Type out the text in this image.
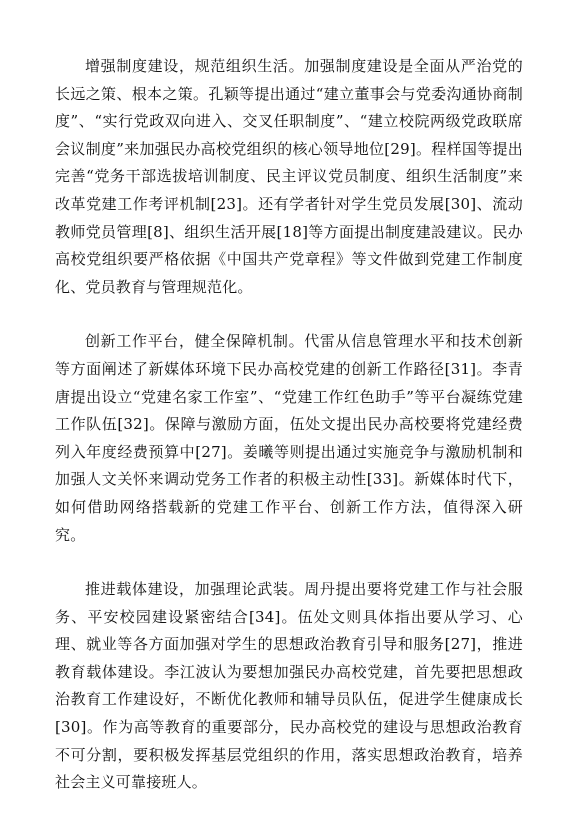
增强制度建设，规范组织生活。加强制度建设是全面从严治党的长远之策、根本之策。孔颖等提出通过“建立董事会与党委沟通协商制度”、“实行党政双向进入、交叉任职制度”、“建立校院两级党政联席会议制度”来加强民办高校党组织的核心领导地位[29]。程样国等提出完善“党务干部选拔培训制度、民主评议党员制度、组织生活制度”来改革党建工作考评机制[23]。还有学者针对学生党员发展[30]、流动教师党员管理[8]、组织生活开展[18]等方面提出制度建設建议。民办高校党组织要严格依据《中国共产党章程》等文件做到党建工作制度化、党员教育与管理规范化。

创新工作平台，健全保障机制。代雷从信息管理水平和技术创新等方面阐述了新媒体环境下民办高校党建的创新工作路径[31]。李青唐提出设立“党建名家工作室”、“党建工作红色助手”等平台凝练党建工作队伍[32]。保障与激励方面，伍处文提出民办高校要将党建经费列入年度经费预算中[27]。姜曦等则提出通过实施竞争与激励机制和加强人文关怀来调动党务工作者的积极主动性[33]。新媒体时代下，如何借助网络搭载新的党建工作平台、创新工作方法，值得深入研究。

推进载体建设，加强理论武装。周丹提出要将党建工作与社会服务、平安校园建设紧密结合[34]。伍处文则具体指出要从学习、心理、就业等各方面加强对学生的思想政治教育引导和服务[27]，推进教育载体建设。李江波认为要想加强民办高校党建，首先要把思想政治教育工作建设好，不断优化教师和辅导员队伍，促进学生健康成长[30]。作为高等教育的重要部分，民办高校党的建设与思想政治教育不可分割，要积极发挥基层党组织的作用，落实思想政治教育，培养社会主义可靠接班人。
